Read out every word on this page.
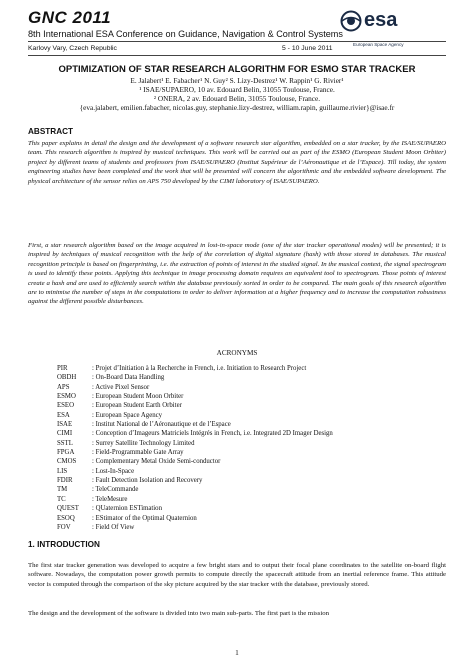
GNC 2011
8th International ESA Conference on Guidance, Navigation & Control Systems
Karlovy Vary, Czech Republic	5 - 10 June 2011
esa
European Space Agency
OPTIMIZATION OF STAR RESEARCH ALGORITHM FOR ESMO STAR TRACKER
E. Jalabert¹ E. Fabacher¹ N. Guy² S. Lizy-Destrez¹ W. Rappin¹ G. Rivier¹
¹ ISAE/SUPAERO, 10 av. Edouard Belin, 31055 Toulouse, France.
² ONERA, 2 av. Edouard Belin, 31055 Toulouse, France.
{eva.jalabert, emilien.fabacher, nicolas.guy, stephanie.lizy-destrez, william.rapin, guillaume.rivier}@isae.fr
ABSTRACT
This paper explains in detail the design and the development of a software research star algorithm, embedded on a star tracker, by the ISAE/SUPAERO team. This research algorithm is inspired by musical techniques. This work will be carried out as part of the ESMO (European Student Moon Orbiter) project by different teams of students and professors from ISAE/SUPAERO (Institut Supérieur de l’Aéronautique et de l’Espace). Till today, the system engineering studies have been completed and the work that will be presented will concern the algorithmic and the embedded software development. The physical architecture of the sensor relies on APS 750 developed by the CIMI laboratory of ISAE/SUPAERO.
First, a star research algorithm based on the image acquired in lost-in-space mode (one of the star tracker operational modes) will be presented; it is inspired by techniques of musical recognition with the help of the correlation of digital signature (hash) with those stored in databases. The musical recognition principle is based on fingerprinting, i.e. the extraction of points of interest in the studied signal. In the musical context, the signal spectrogram is used to identify these points. Applying this technique in image processing domain requires an equivalent tool to spectrogram. Those points of interest create a hash and are used to efficiently search within the database previously sorted in order to be compared. The main goals of this research algorithm are to minimise the number of steps in the computations in order to deliver information at a higher frequency and to increase the computation robustness against the different possible disturbances.
ACRONYMS
PIR	: Projet d’Initiation à la Recherche in French, i.e. Initiation to Research Project
OBDH	: On-Board Data Handling
APS	: Active Pixel Sensor
ESMO	: European Student Moon Orbiter
ESEO	: European Student Earth Orbiter
ESA	: European Space Agency
ISAE	: Institut National de l’Aéronautique et de l’Espace
CIMI	: Conception d’Imageurs Matriciels Intégrés in French, i.e. Integrated 2D Imager Design
SSTL	: Surrey Satellite Technology Limited
FPGA	: Field-Programmable Gate Array
CMOS	: Complementary Metal Oxide Semi-conductor
LIS	: Lost-In-Space
FDIR	: Fault Detection Isolation and Recovery
TM	: TeleCommande
TC	: TeleMesure
QUEST	: QUaternion ESTimation
ESOQ	: EStimator of the Optimal Quaternion
FOV	: Field Of View
1. INTRODUCTION
The first star tracker generation was developed to acquire a few bright stars and to output their focal plane coordinates to the satellite on-board flight software. Nowadays, the computation power growth permits to compute directly the spacecraft attitude from an inertial reference frame. This attitude vector is computed through the comparison of the sky picture acquired by the star tracker with the database, previously stored.
The design and the development of the software is divided into two main sub-parts. The first part is the mission
1
